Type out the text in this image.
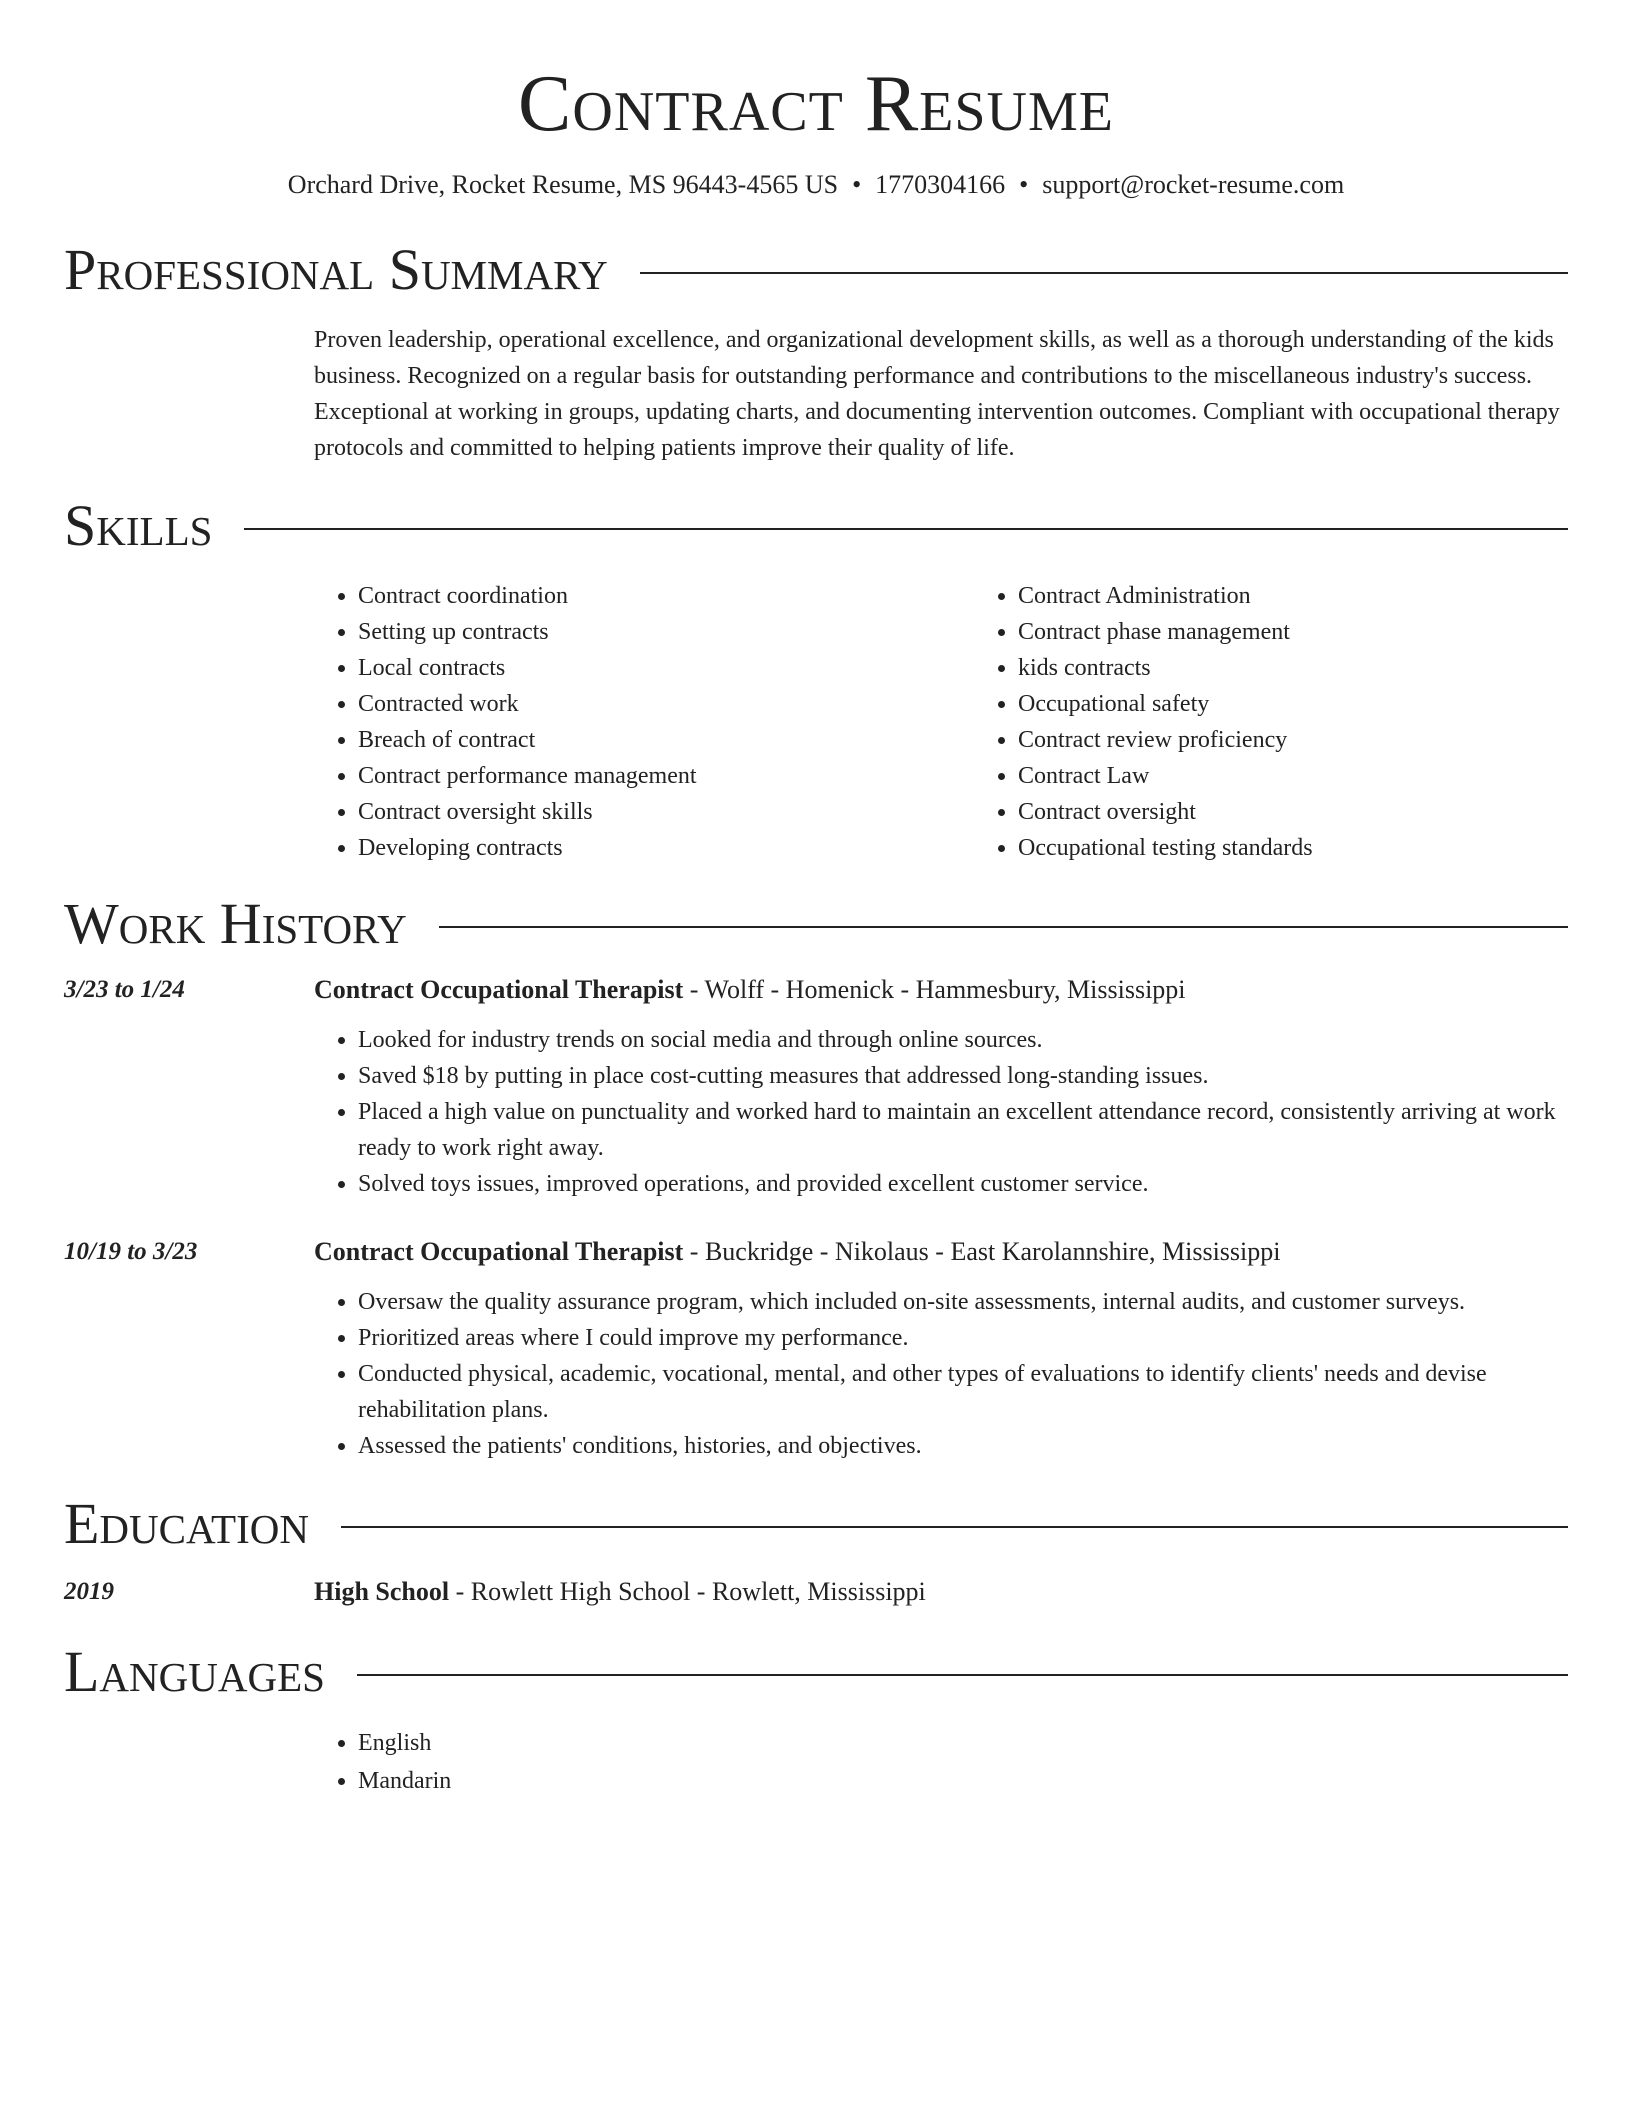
Contract Resume
Orchard Drive, Rocket Resume, MS 96443-4565 US • 1770304166 • support@rocket-resume.com
Professional Summary

Proven leadership, operational excellence, and organizational development skills, as well as a thorough understanding of the kids business. Recognized on a regular basis for outstanding performance and contributions to the miscellaneous industry's success. Exceptional at working in groups, updating charts, and documenting intervention outcomes. Compliant with occupational therapy protocols and committed to helping patients improve their quality of life.

Skills
• Contract coordination
• Setting up contracts
• Local contracts
• Contracted work
• Breach of contract
• Contract performance management
• Contract oversight skills
• Developing contracts
• Contract Administration
• Contract phase management
• kids contracts
• Occupational safety
• Contract review proficiency
• Contract Law
• Contract oversight
• Occupational testing standards
Work History
3/23 to 1/24	Contract Occupational Therapist - Wolff - Homenick - Hammesbury, Mississippi
• Looked for industry trends on social media and through online sources.
• Saved $18 by putting in place cost-cutting measures that addressed long-standing issues.
• Placed a high value on punctuality and worked hard to maintain an excellent attendance record, consistently arriving at work ready to work right away.
• Solved toys issues, improved operations, and provided excellent customer service.
10/19 to 3/23	Contract Occupational Therapist - Buckridge - Nikolaus - East Karolannshire, Mississippi
• Oversaw the quality assurance program, which included on-site assessments, internal audits, and customer surveys.
• Prioritized areas where I could improve my performance.
• Conducted physical, academic, vocational, mental, and other types of evaluations to identify clients' needs and devise rehabilitation plans.
• Assessed the patients' conditions, histories, and objectives.
Education
2019	High School - Rowlett High School - Rowlett, Mississippi
Languages
• English
• Mandarin
